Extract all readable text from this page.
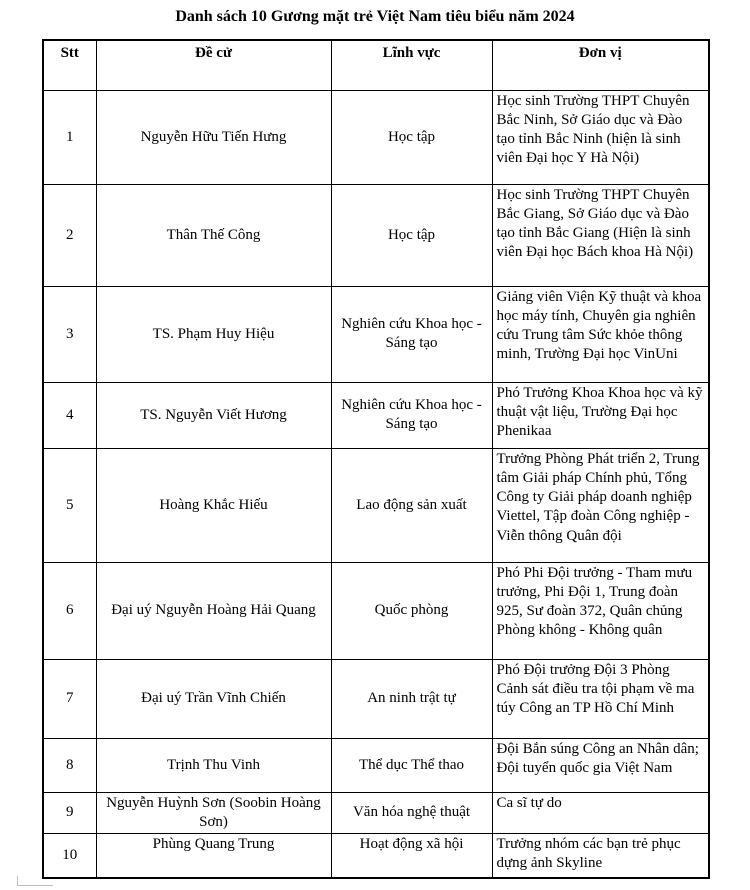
Danh sách 10 Gương mặt trẻ Việt Nam tiêu biểu năm 2024
Stt	Đề cử	Lĩnh vực	Đơn vị
1	Nguyễn Hữu Tiến Hưng	Học tập	Học sinh Trường THPT Chuyên Bắc Ninh, Sở Giáo dục và Đào tạo tỉnh Bắc Ninh (hiện là sinh viên Đại học Y Hà Nội)
2	Thân Thế Công	Học tập	Học sinh Trường THPT Chuyên Bắc Giang, Sở Giáo dục và Đào tạo tỉnh Bắc Giang (Hiện là sinh viên Đại học Bách khoa Hà Nội)
3	TS. Phạm Huy Hiệu	Nghiên cứu Khoa học -Sáng tạo	Giảng viên Viện Kỹ thuật và khoa học máy tính, Chuyên gia nghiên cứu Trung tâm Sức khỏe thông minh, Trường Đại học VinUni
4	TS. Nguyễn Viết Hương	Nghiên cứu Khoa học -Sáng tạo	Phó Trưởng Khoa Khoa học và kỹ thuật vật liệu, Trường Đại học Phenikaa
5	Hoàng Khắc Hiếu	Lao động sản xuất	Trưởng Phòng Phát triển 2, Trung tâm Giải pháp Chính phủ, Tổng Công ty Giải pháp doanh nghiệp Viettel, Tập đoàn Công nghiệp - Viễn thông Quân đội
6	Đại uý Nguyễn Hoàng Hải Quang	Quốc phòng	Phó Phi Đội trưởng - Tham mưu trưởng, Phi Đội 1, Trung đoàn 925, Sư đoàn 372, Quân chủng Phòng không - Không quân
7	Đại uý Trần Vĩnh Chiến	An ninh trật tự	Phó Đội trưởng Đội 3 Phòng Cảnh sát điều tra tội phạm về ma túy Công an TP Hồ Chí Minh
8	Trịnh Thu Vinh	Thể dục Thể thao	Đội Bắn súng Công an Nhân dân; Đội tuyển quốc gia Việt Nam
9	Nguyễn Huỳnh Sơn (Soobin Hoàng Sơn)	Văn hóa nghệ thuật	Ca sĩ tự do
10	Phùng Quang Trung	Hoạt động xã hội	Trưởng nhóm các bạn trẻ phục dựng ảnh Skyline
